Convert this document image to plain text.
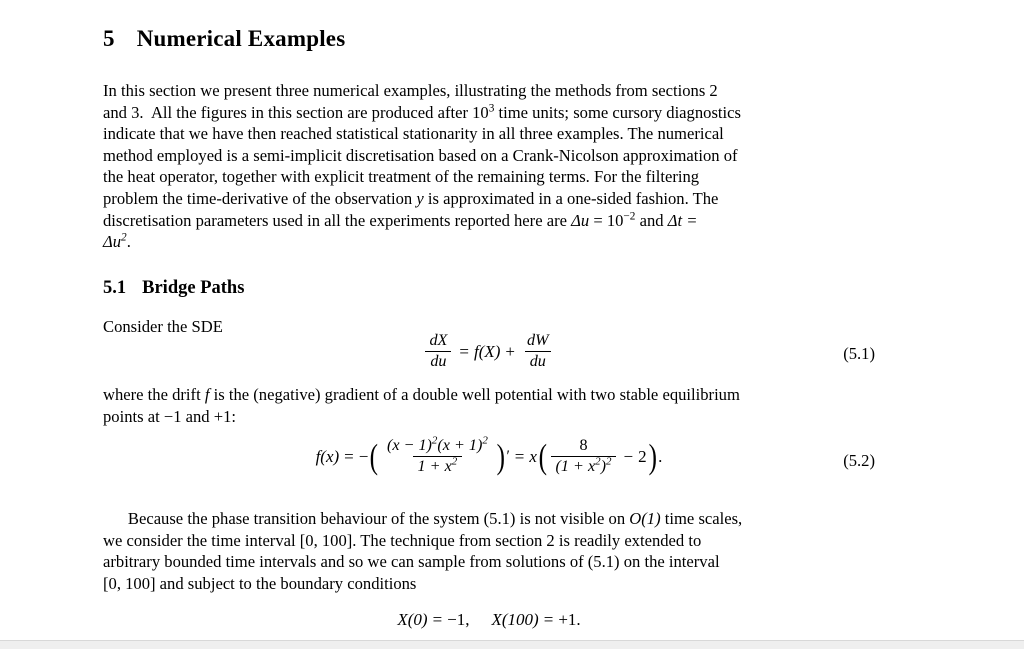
5 Numerical Examples
In this section we present three numerical examples, illustrating the methods from sections 2
and 3. All the figures in this section are produced after $10^3$ time units; some cursory diagnostics
indicate that we have then reached statistical stationarity in all three examples. The numerical
method employed is a semi-implicit discretisation based on a Crank-Nicolson approximation of
the heat operator, together with explicit treatment of the remaining terms. For the filtering
problem the time-derivative of the observation y is approximated in a one-sided fashion. The
discretisation parameters used in all the experiments reported here are $\Delta u = 10^{-2}$ and Δt =
$\Delta u^2$.
5.1 Bridge Paths
Consider the SDE
$\frac{dX}{du} = f(X) + \frac{dW}{du}$	(5.1)
where the drift f is the (negative) gradient of a double well potential with two stable equilibrium
points at −1 and +1:
f(x) = − ( $\frac{(x - 1)^2(x + 1)^2}{1 + x^2}$ ) ′ = x ( $\frac{8}{(1 + x^2)^2} - 2$ ) .	(5.2)
Because the phase transition behaviour of the system (5.1) is not visible on O(1) time scales,
we consider the time interval [0, 100]. The technique from section 2 is readily extended to
arbitrary bounded time intervals and so we can sample from solutions of (5.1) on the interval
[0, 100] and subject to the boundary conditions
X(0) = −1, X(100) = +1.
